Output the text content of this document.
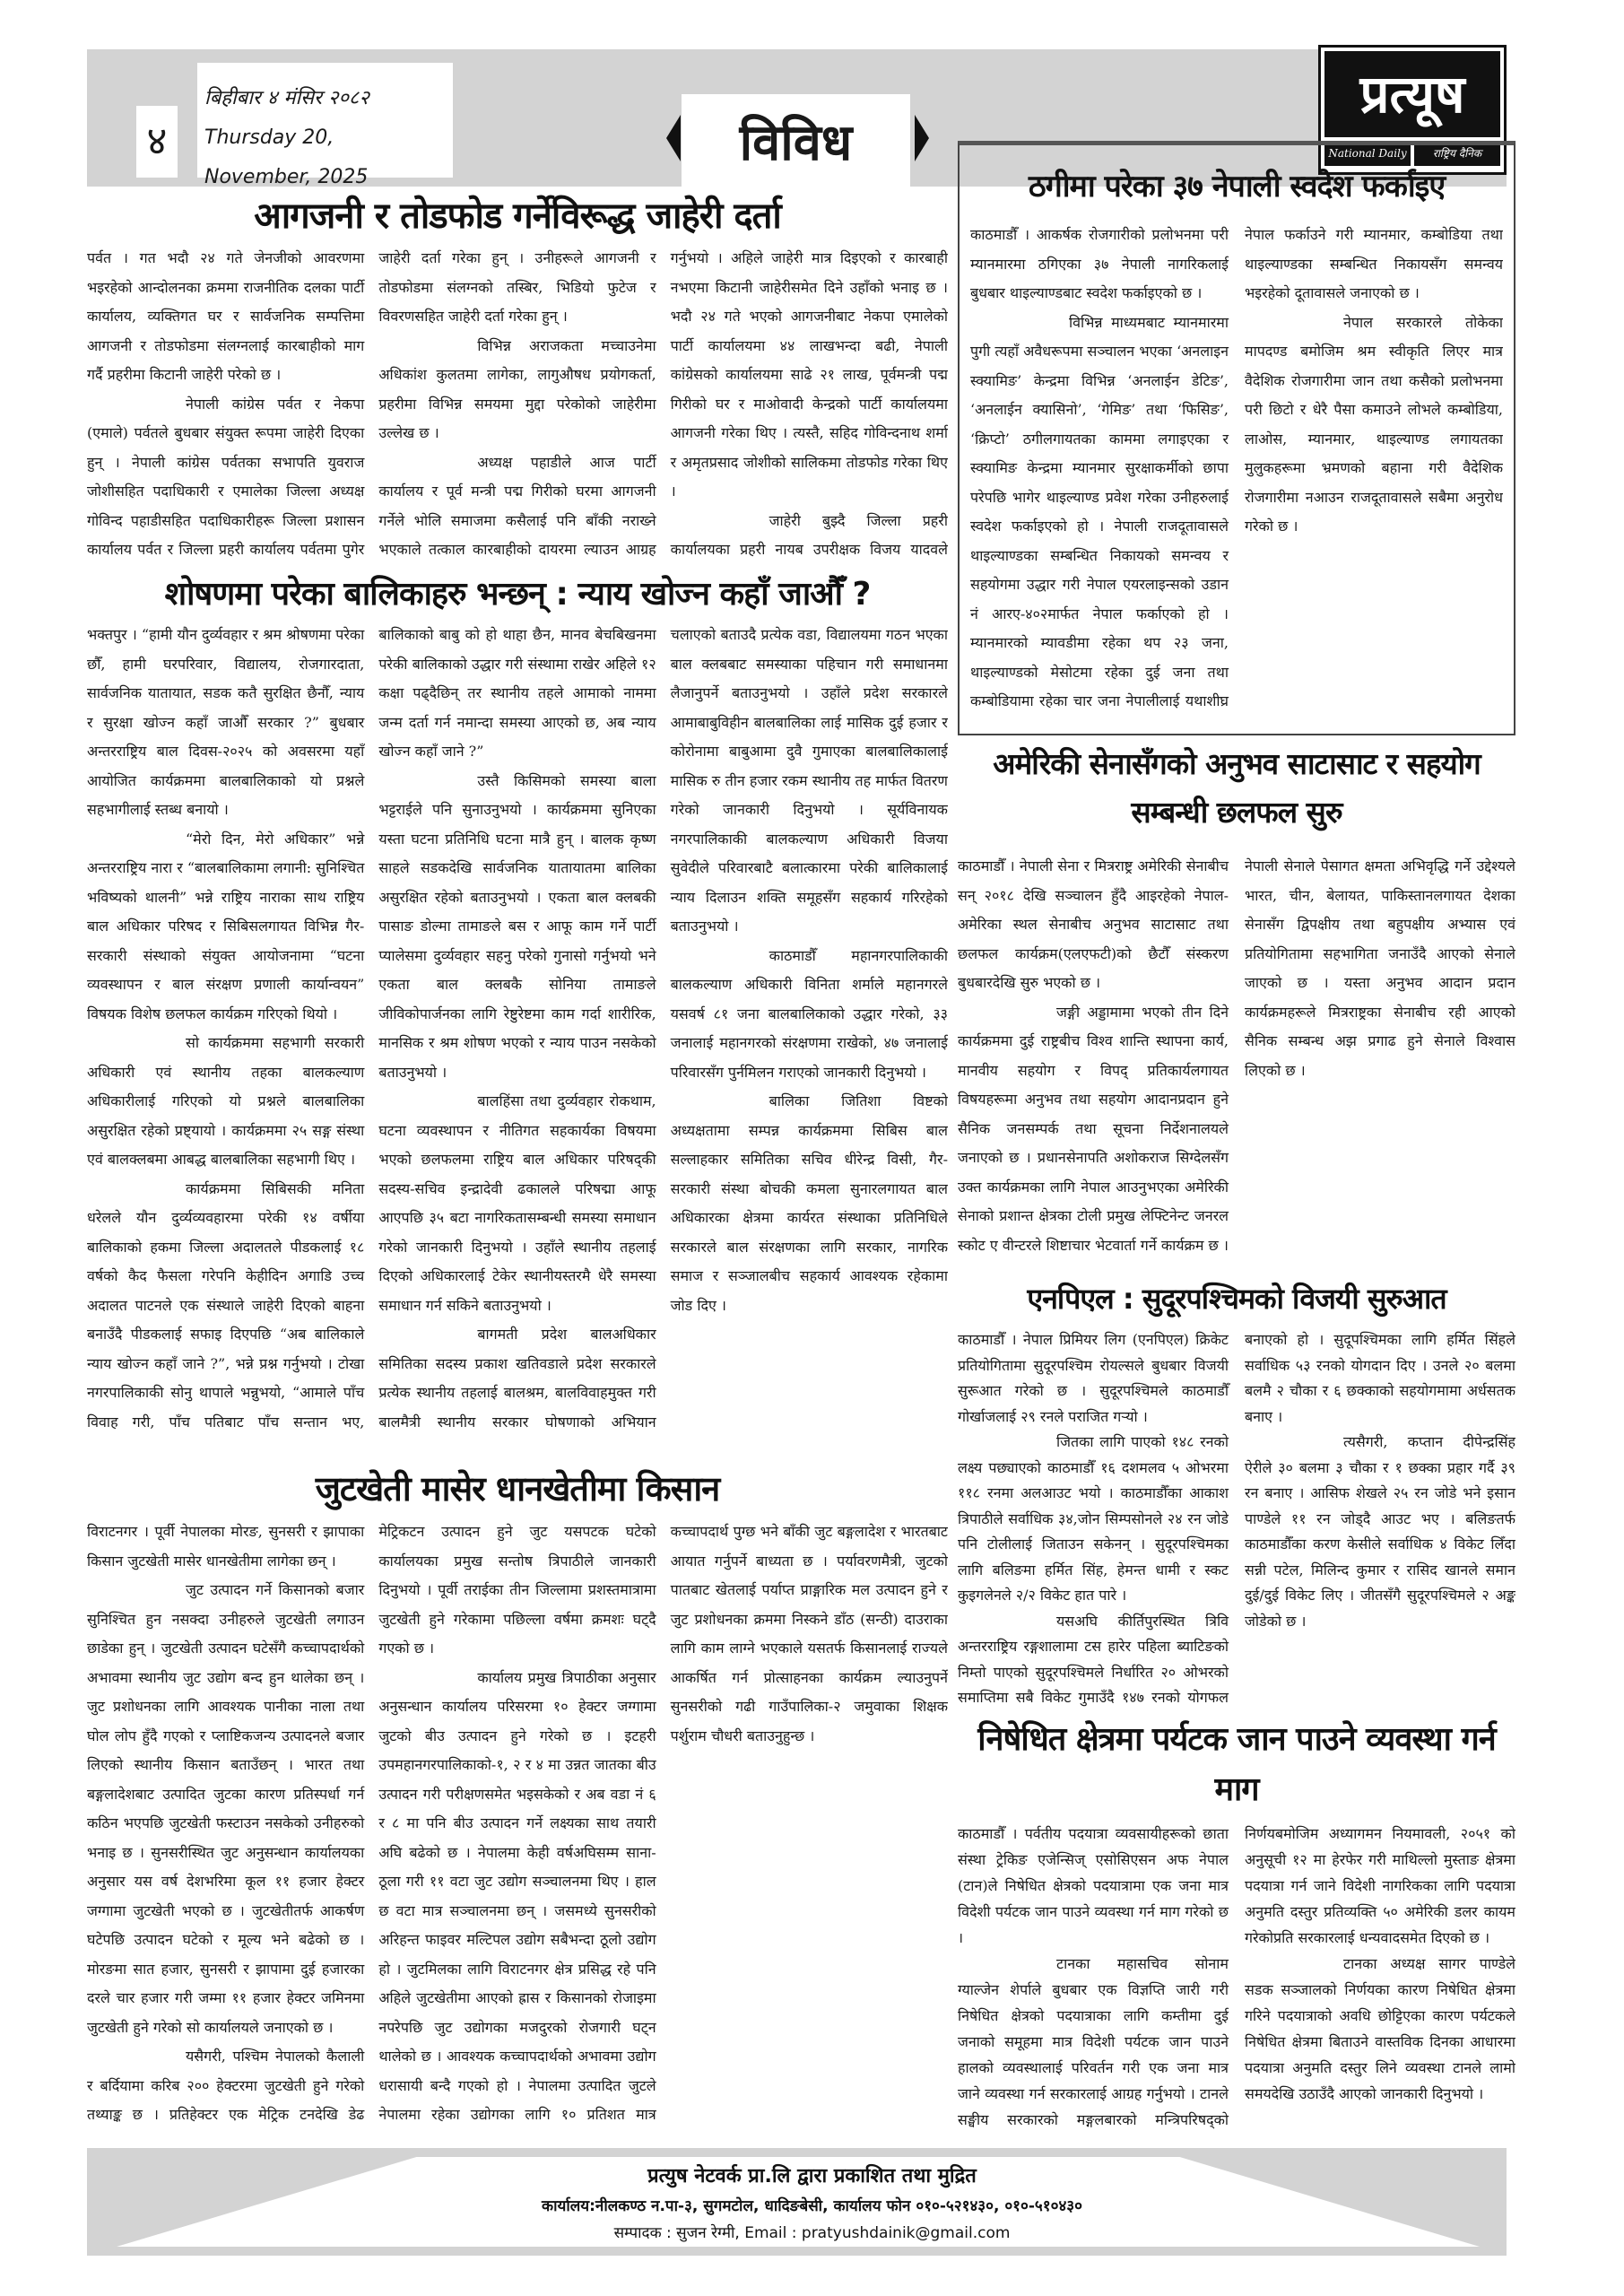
४
बिहीबार ४ मंसिर २०८२
Thursday 20, November, 2025
विविध
प्रत्यूष
National Daily	राष्ट्रिय दैनिक
आगजनी र तोडफोड गर्नेविरूद्ध जाहेरी दर्ता

पर्वत । गत भदौ २४ गते जेनजीको आवरणमा भइरहेको आन्दोलनका क्रममा राजनीतिक दलका पार्टी कार्यालय, व्यक्तिगत घर र सार्वजनिक सम्पत्तिमा आगजनी र तोडफोडमा संलग्नलाई कारबाहीको माग गर्दै प्रहरीमा किटानी जाहेरी परेको छ ।

नेपाली कांग्रेस पर्वत र नेकपा (एमाले) पर्वतले बुधबार संयुक्त रूपमा जाहेरी दिएका हुन् । नेपाली कांग्रेस पर्वतका सभापति युवराज जोशीसहित पदाधिकारी र एमालेका जिल्ला अध्यक्ष गोविन्द पहाडीसहित पदाधिकारीहरू जिल्ला प्रशासन कार्यालय पर्वत र जिल्ला प्रहरी कार्यालय पर्वतमा पुगेर जाहेरी दर्ता गरेका हुन् । उनीहरूले आगजनी र तोडफोडमा संलग्नको तस्बिर, भिडियो फुटेज र विवरणसहित जाहेरी दर्ता गरेका हुन् ।

विभिन्न अराजकता मच्चाउनेमा अधिकांश कुलतमा लागेका, लागुऔषध प्रयोगकर्ता, प्रहरीमा विभिन्न समयमा मुद्दा परेकोको जाहेरीमा उल्लेख छ ।

अध्यक्ष पहाडीले आज पार्टी कार्यालय र पूर्व मन्त्री पद्म गिरीको घरमा आगजनी गर्नेले भोलि समाजमा कसैलाई पनि बाँकी नराख्ने भएकाले तत्काल कारबाहीको दायरमा ल्याउन आग्रह गर्नुभयो । अहिले जाहेरी मात्र दिइएको र कारबाही नभएमा किटानी जाहेरीसमेत दिने उहाँको भनाइ छ । भदौ २४ गते भएको आगजनीबाट नेकपा एमालेको पार्टी कार्यालयमा ४४ लाखभन्दा बढी, नेपाली कांग्रेसको कार्यालयमा साढे २१ लाख, पूर्वमन्त्री पद्म गिरीको घर र माओवादी केन्द्रको पार्टी कार्यालयमा आगजनी गरेका थिए । त्यस्तै, सहिद गोविन्दनाथ शर्मा र अमृतप्रसाद जोशीको सालिकमा तोडफोड गरेका थिए ।

जाहेरी बुझ्दै जिल्ला प्रहरी कार्यालयका प्रहरी नायब उपरीक्षक विजय यादवले

ठगीमा परेका ३७ नेपाली स्वदेश फर्काइए

काठमाडौँ । आकर्षक रोजगारीको प्रलोभनमा परी म्यानमारमा ठगिएका ३७ नेपाली नागरिकलाई बुधबार थाइल्याण्डबाट स्वदेश फर्काइएको छ ।

विभिन्न माध्यमबाट म्यानमारमा पुगी त्यहाँ अवैधरूपमा सञ्चालन भएका ‘अनलाइन स्क्यामिङ’ केन्द्रमा विभिन्न ‘अनलाईन डेटिङ’, ‘अनलाईन क्यासिनो’, ‘गेमिङ’ तथा ‘फिसिङ’, ‘क्रिप्टो’ ठगीलगायतका काममा लगाइएका र स्क्यामिङ केन्द्रमा म्यानमार सुरक्षाकर्मीको छापा परेपछि भागेर थाइल्याण्ड प्रवेश गरेका उनीहरुलाई स्वदेश फर्काइएको हो । नेपाली राजदूतावासले थाइल्याण्डका सम्बन्धित निकायको समन्वय र सहयोगमा उद्धार गरी नेपाल एयरलाइन्सको उडान नं आरए-४०२मार्फत नेपाल फर्काएको हो । म्यानमारको म्यावडीमा रहेका थप २३ जना, थाइल्याण्डको मेसोटमा रहेका दुई जना तथा कम्बोडियामा रहेका चार जना नेपालीलाई यथाशीघ्र नेपाल फर्काउने गरी म्यानमार, कम्बोडिया तथा थाइल्याण्डका सम्बन्धित निकायसँग समन्वय भइरहेको दूतावासले जनाएको छ ।

नेपाल सरकारले तोकेका मापदण्ड बमोजिम श्रम स्वीकृति लिएर मात्र वैदेशिक रोजगारीमा जान तथा कसैको प्रलोभनमा परी छिटो र धेरै पैसा कमाउने लोभले कम्बोडिया, लाओस, म्यानमार, थाइल्याण्ड लगायतका मुलुकहरूमा भ्रमणको बहाना गरी वैदेशिक रोजगारीमा नआउन राजदूतावासले सबैमा अनुरोध गरेको छ ।

शोषणमा परेका बालिकाहरु भन्छन् : न्याय खोज्न कहाँ जाऔँ ?

भक्तपुर । “हामी यौन दुर्व्यवहार र श्रम श्रोषणमा परेका छौँ, हामी घरपरिवार, विद्यालय, रोजगारदाता, सार्वजनिक यातायात, सडक कतै सुरक्षित छैनौँ, न्याय र सुरक्षा खोज्न कहाँ जाऔँ सरकार ?” बुधबार अन्तरराष्ट्रिय बाल दिवस-२०२५ को अवसरमा यहाँ आयोजित कार्यक्रममा बालबालिकाको यो प्रश्नले सहभागीलाई स्तब्ध बनायो ।

“मेरो दिन, मेरो अधिकार” भन्ने अन्तरराष्ट्रिय नारा र “बालबालिकामा लगानी: सुनिश्चित भविष्यको थालनी” भन्ने राष्ट्रिय नाराका साथ राष्ट्रिय बाल अधिकार परिषद र सिबिसलगायत विभिन्न गैर-सरकारी संस्थाको संयुक्त आयोजनामा “घटना व्यवस्थापन र बाल संरक्षण प्रणाली कार्यान्वयन” विषयक विशेष छलफल कार्यक्रम गरिएको थियो ।

सो कार्यक्रममा सहभागी सरकारी अधिकारी एवं स्थानीय तहका बालकल्याण अधिकारीलाई गरिएको यो प्रश्नले बालबालिका असुरक्षित रहेको प्रष्ट्यायो । कार्यक्रममा २५ सङ्ग संस्था एवं बालक्लबमा आबद्ध बालबालिका सहभागी थिए ।

कार्यक्रममा सिबिसकी मनिता धरेलले यौन दुर्व्यव्यवहारमा परेकी १४ वर्षीया बालिकाको हकमा जिल्ला अदालतले पीडकलाई १८ वर्षको कैद फैसला गरेपनि केहीदिन अगाडि उच्च अदालत पाटनले एक संस्थाले जाहेरी दिएको बाहना बनाउँदै पीडकलाई सफाइ दिएपछि “अब बालिकाले न्याय खोज्न कहाँ जाने ?”, भन्ने प्रश्न गर्नुभयो । टोखा नगरपालिकाकी सोनु थापाले भन्नुभयो, “आमाले पाँच विवाह गरी, पाँच पतिबाट पाँच सन्तान भए, बालिकाको बाबु को हो थाहा छैन, मानव बेचबिखनमा परेकी बालिकाको उद्धार गरी संस्थामा राखेर अहिले १२ कक्षा पढ्दैछिन् तर स्थानीय तहले आमाको नाममा जन्म दर्ता गर्न नमान्दा समस्या आएको छ, अब न्याय खोज्न कहाँ जाने ?”

उस्तै किसिमको समस्या बाला भट्टराईले पनि सुनाउनुभयो । कार्यक्रममा सुनिएका यस्ता घटना प्रतिनिधि घटना मात्रै हुन् । बालक कृष्ण साहले सडकदेखि सार्वजनिक यातायातमा बालिका असुरक्षित रहेको बताउनुभयो । एकता बाल क्लबकी पासाङ डोल्मा तामाङले बस र आफू काम गर्ने पार्टी प्यालेसमा दुर्व्यवहार सहनु परेको गुनासो गर्नुभयो भने एकता बाल क्लबकै सोनिया तामाङले जीविकोपार्जनका लागि रेष्टुरेष्टमा काम गर्दा शारीरिक, मानसिक र श्रम शोषण भएको र न्याय पाउन नसकेको बताउनुभयो ।

बालहिंसा तथा दुर्व्यवहार रोकथाम, घटना व्यवस्थापन र नीतिगत सहकार्यका विषयमा भएको छलफलमा राष्ट्रिय बाल अधिकार परिषद्की सदस्य-सचिव इन्द्रादेवी ढकालले परिषद्मा आफू आएपछि ३५ बटा नागरिकतासम्बन्धी समस्या समाधान गरेको जानकारी दिनुभयो । उहाँले स्थानीय तहलाई दिएको अधिकारलाई टेकेर स्थानीयस्तरमै धेरै समस्या समाधान गर्न सकिने बताउनुभयो ।

बागमती प्रदेश बालअधिकार समितिका सदस्य प्रकाश खतिवडाले प्रदेश सरकारले प्रत्येक स्थानीय तहलाई बालश्रम, बालविवाहमुक्त गरी बालमैत्री स्थानीय सरकार घोषणाको अभियान चलाएको बताउदै प्रत्येक वडा, विद्यालयमा गठन भएका बाल क्लबबाट समस्याका पहिचान गरी समाधानमा लैजानुपर्ने बताउनुभयो । उहाँले प्रदेश सरकारले आमाबाबुविहीन बालबालिका लाई मासिक दुई हजार र कोरोनामा बाबुआमा दुवै गुमाएका बालबालिकालाई मासिक रु तीन हजार रकम स्थानीय तह मार्फत वितरण गरेको जानकारी दिनुभयो । सूर्यविनायक नगरपालिकाकी बालकल्याण अधिकारी विजया सुवेदीले परिवारबाटै बलात्कारमा परेकी बालिकालाई न्याय दिलाउन शक्ति समूहसँग सहकार्य गरिरहेको बताउनुभयो ।

काठमाडौँ महानगरपालिकाकी बालकल्याण अधिकारी विनिता शर्माले महानगरले यसवर्ष ८१ जना बालबालिकाको उद्धार गरेको, ३३ जनालाई महानगरको संरक्षणमा राखेको, ४७ जनालाई परिवारसँग पुर्नमिलन गराएको जानकारी दिनुभयो ।

बालिका जितिशा विष्टको अध्यक्षतामा सम्पन्न कार्यक्रममा सिबिस बाल सल्लाहकार समितिका सचिव धीरेन्द्र विसी, गैर-सरकारी संस्था बोचकी कमला सुनारलगायत बाल अधिकारका क्षेत्रमा कार्यरत संस्थाका प्रतिनिधिले सरकारले बाल संरक्षणका लागि सरकार, नागरिक समाज र सञ्जालबीच सहकार्य आवश्यक रहेकामा जोड दिए ।

जुटखेती मासेर धानखेतीमा किसान

विराटनगर । पूर्वी नेपालका मोरङ, सुनसरी र झापाका किसान जुटखेती मासेर धानखेतीमा लागेका छन् ।

जुट उत्पादन गर्ने किसानको बजार सुनिश्चित हुन नसक्दा उनीहरुले जुटखेती लगाउन छाडेका हुन् । जुटखेती उत्पादन घटेसँगै कच्चापदार्थको अभावमा स्थानीय जुट उद्योग बन्द हुन थालेका छन् । जुट प्रशोधनका लागि आवश्यक पानीका नाला तथा घोल लोप हुँदै गएको र प्लाष्टिकजन्य उत्पादनले बजार लिएको स्थानीय किसान बताउँछन् । भारत तथा बङ्गलादेशबाट उत्पादित जुटका कारण प्रतिस्पर्धा गर्न कठिन भएपछि जुटखेती फस्टाउन नसकेको उनीहरुको भनाइ छ । सुनसरीस्थित जुट अनुसन्धान कार्यालयका अनुसार यस वर्ष देशभरिमा कूल ११ हजार हेक्टर जग्गामा जुटखेती भएको छ । जुटखेतीतर्फ आकर्षण घटेपछि उत्पादन घटेको र मूल्य भने बढेको छ । मोरङमा सात हजार, सुनसरी र झापामा दुई हजारका दरले चार हजार गरी जम्मा ११ हजार हेक्टर जमिनमा जुटखेती हुने गरेको सो कार्यालयले जनाएको छ ।

यसैगरी, पश्चिम नेपालको कैलाली र बर्दियामा करिब २०० हेक्टरमा जुटखेती हुने गरेको तथ्याङ्क छ । प्रतिहेक्टर एक मेट्रिक टनदेखि डेढ मेट्रिकटन उत्पादन हुने जुट यसपटक घटेको कार्यालयका प्रमुख सन्तोष त्रिपाठीले जानकारी दिनुभयो । पूर्वी तराईका तीन जिल्लामा प्रशस्तमात्रामा जुटखेती हुने गरेकामा पछिल्ला वर्षमा क्रमशः घट्दै गएको छ ।

कार्यालय प्रमुख त्रिपाठीका अनुसार अनुसन्धान कार्यालय परिसरमा १० हेक्टर जग्गामा जुटको बीउ उत्पादन हुने गरेको छ । इटहरी उपमहानगरपालिकाको-१, २ र ४ मा उन्नत जातका बीउ उत्पादन गरी परीक्षणसमेत भइसकेको र अब वडा नं ६ र ८ मा पनि बीउ उत्पादन गर्ने लक्ष्यका साथ तयारी अघि बढेको छ । नेपालमा केही वर्षअघिसम्म साना-ठूला गरी ११ वटा जुट उद्योग सञ्चालनमा थिए । हाल छ वटा मात्र सञ्चालनमा छन् । जसमध्ये सुनसरीको अरिहन्त फाइवर मल्टिपल उद्योग सबैभन्दा ठूलो उद्योग हो । जुटमिलका लागि विराटनगर क्षेत्र प्रसिद्ध रहे पनि अहिले जुटखेतीमा आएको ह्रास र किसानको रोजाइमा नपरेपछि जुट उद्योगका मजदुरको रोजगारी घट्न थालेको छ । आवश्यक कच्चापदार्थको अभावमा उद्योग धरासायी बन्दै गएको हो । नेपालमा उत्पादित जुटले नेपालमा रहेका उद्योगका लागि १० प्रतिशत मात्र कच्चापदार्थ पुग्छ भने बाँकी जुट बङ्गलादेश र भारतबाट आयात गर्नुपर्ने बाध्यता छ । पर्यावरणमैत्री, जुटको पातबाट खेतलाई पर्याप्त प्राङ्गारिक मल उत्पादन हुने र जुट प्रशोधनका क्रममा निस्कने डाँठ (सन्ठी) दाउराका लागि काम लाग्ने भएकाले यसतर्फ किसानलाई राज्यले आकर्षित गर्न प्रोत्साहनका कार्यक्रम ल्याउनुपर्ने सुनसरीको गढी गाउँपालिका-२ जमुवाका शिक्षक पर्शुराम चौधरी बताउनुहुन्छ ।

अमेरिकी सेनासँगको अनुभव साटासाट र सहयोग सम्बन्धी छलफल सुरु

काठमाडौँ । नेपाली सेना र मित्रराष्ट्र अमेरिकी सेनाबीच सन् २०१८ देखि सञ्चालन हुँदै आइरहेको नेपाल-अमेरिका स्थल सेनाबीच अनुभव साटासाट तथा छलफल कार्यक्रम(एलएफटी)को छैटौँ संस्करण बुधबारदेखि सुरु भएको छ ।

जङ्गी अड्डामामा भएको तीन दिने कार्यक्रममा दुई राष्ट्रबीच विश्व शान्ति स्थापना कार्य, मानवीय सहयोग र विपद् प्रतिकार्यलगायत विषयहरूमा अनुभव तथा सहयोग आदानप्रदान हुने सैनिक जनसम्पर्क तथा सूचना निर्देशनालयले जनाएको छ । प्रधानसेनापति अशोकराज सिग्देलसँग उक्त कार्यक्रमका लागि नेपाल आउनुभएका अमेरिकी सेनाको प्रशान्त क्षेत्रका टोली प्रमुख लेफ्टिनेन्ट जनरल स्कोट ए वीन्टरले शिष्टाचार भेटवार्ता गर्ने कार्यक्रम छ । नेपाली सेनाले पेसागत क्षमता अभिवृद्धि गर्ने उद्देश्यले भारत, चीन, बेलायत, पाकिस्तानलगायत देशका सेनासँग द्विपक्षीय तथा बहुपक्षीय अभ्यास एवं प्रतियोगितामा सहभागिता जनाउँदै आएको सेनाले जाएको छ । यस्ता अनुभव आदान प्रदान कार्यक्रमहरूले मित्रराष्ट्रका सेनाबीच रही आएको सैनिक सम्बन्ध अझ प्रगाढ हुने सेनाले विश्वास लिएको छ ।

एनपिएल : सुदूरपश्चिमको विजयी सुरुआत

काठमाडौँ । नेपाल प्रिमियर लिग (एनपिएल) क्रिकेट प्रतियोगितामा सुदूरपश्चिम रोयल्सले बुधबार विजयी सुरूआत गरेको छ । सुदूरपश्चिमले काठमाडौँ गोर्खाजलाई २९ रनले पराजित गऱ्यो ।

जितका लागि पाएको १४८ रनको लक्ष्य पछ्याएको काठमाडौँ १६ दशमलव ५ ओभरमा ११८ रनमा अलआउट भयो । काठमाडौँका आकाश त्रिपाठीले सर्वाधिक ३४,जोन सिम्पसोनले २४ रन जोडे पनि टोलीलाई जिताउन सकेनन् । सुदूरपश्चिमका लागि बलिङमा हर्मित सिंह, हेमन्त धामी र स्कट कुइगलेनले २/२ विकेट हात पारे ।

यसअघि कीर्तिपुरस्थित त्रिवि अन्तरराष्ट्रिय रङ्गशालामा टस हारेर पहिला ब्याटिङको निम्तो पाएको सुदूरपश्चिमले निर्धारित २० ओभरको समाप्तिमा सबै विकेट गुमाउँदै १४७ रनको योगफल बनाएको हो । सुदूपश्चिमका लागि हर्मित सिंहले सर्वाधिक ५३ रनको योगदान दिए । उनले २० बलमा बलमै २ चौका र ६ छक्काको सहयोगमामा अर्धसतक बनाए ।

त्यसैगरी, कप्तान दीपेन्द्रसिंह ऐरीले ३० बलमा ३ चौका र १ छक्का प्रहार गर्दै ३९ रन बनाए । आसिफ शेखले २५ रन जोडे भने इसान पाण्डेले ११ रन जोड्दै आउट भए । बलिङतर्फ काठमाडौँका करण केसीले सर्वाधिक ४ विकेट लिँदा सन्नी पटेल, मिलिन्द कुमार र रासिद खानले समान दुई/दुई विकेट लिए । जीतसँगै सुदूरपश्चिमले २ अङ्क जोडेको छ ।

निषेधित क्षेत्रमा पर्यटक जान पाउने व्यवस्था गर्न माग

काठमाडौँ । पर्वतीय पदयात्रा व्यवसायीहरूको छाता संस्था ट्रेकिङ एजेन्सिज् एसोसिएसन अफ नेपाल (टान)ले निषेधित क्षेत्रको पदयात्रामा एक जना मात्र विदेशी पर्यटक जान पाउने व्यवस्था गर्न माग गरेको छ ।

टानका महासचिव सोनाम ग्याल्जेन शेर्पाले बुधबार एक विज्ञप्ति जारी गरी निषेधित क्षेत्रको पदयात्राका लागि कम्तीमा दुई जनाको समूहमा मात्र विदेशी पर्यटक जान पाउने हालको व्यवस्थालाई परिवर्तन गरी एक जना मात्र जाने व्यवस्था गर्न सरकारलाई आग्रह गर्नुभयो । टानले सङ्घीय सरकारको मङ्गलबारको मन्त्रिपरिषद्को निर्णयबमोजिम अध्यागमन नियमावली, २०५१ को अनुसूची १२ मा हेरफेर गरी माथिल्लो मुस्ताङ क्षेत्रमा पदयात्रा गर्न जाने विदेशी नागरिकका लागि पदयात्रा अनुमति दस्तुर प्रतिव्यक्ति ५० अमेरिकी डलर कायम गरेकोप्रति सरकारलाई धन्यवादसमेत दिएको छ ।

टानका अध्यक्ष सागर पाण्डेले सडक सञ्जालको निर्णयका कारण निषेधित क्षेत्रमा गरिने पदयात्राको अवधि छोट्टिएका कारण पर्यटकले निषेधित क्षेत्रमा बिताउने वास्तविक दिनका आधारमा पदयात्रा अनुमति दस्तुर लिने व्यवस्था टानले लामो समयदेखि उठाउँदै आएको जानकारी दिनुभयो ।

प्रत्युष नेटवर्क प्रा.लि द्वारा प्रकाशित तथा मुद्रित
कार्यालय:नीलकण्ठ न.पा-३, सुगमटोल, धादिङबेसी, कार्यालय फोन ०१०-५२१४३०, ०१०-५१०४३०
सम्पादक : सुजन रेग्मी, Email : pratyushdainik@gmail.com
